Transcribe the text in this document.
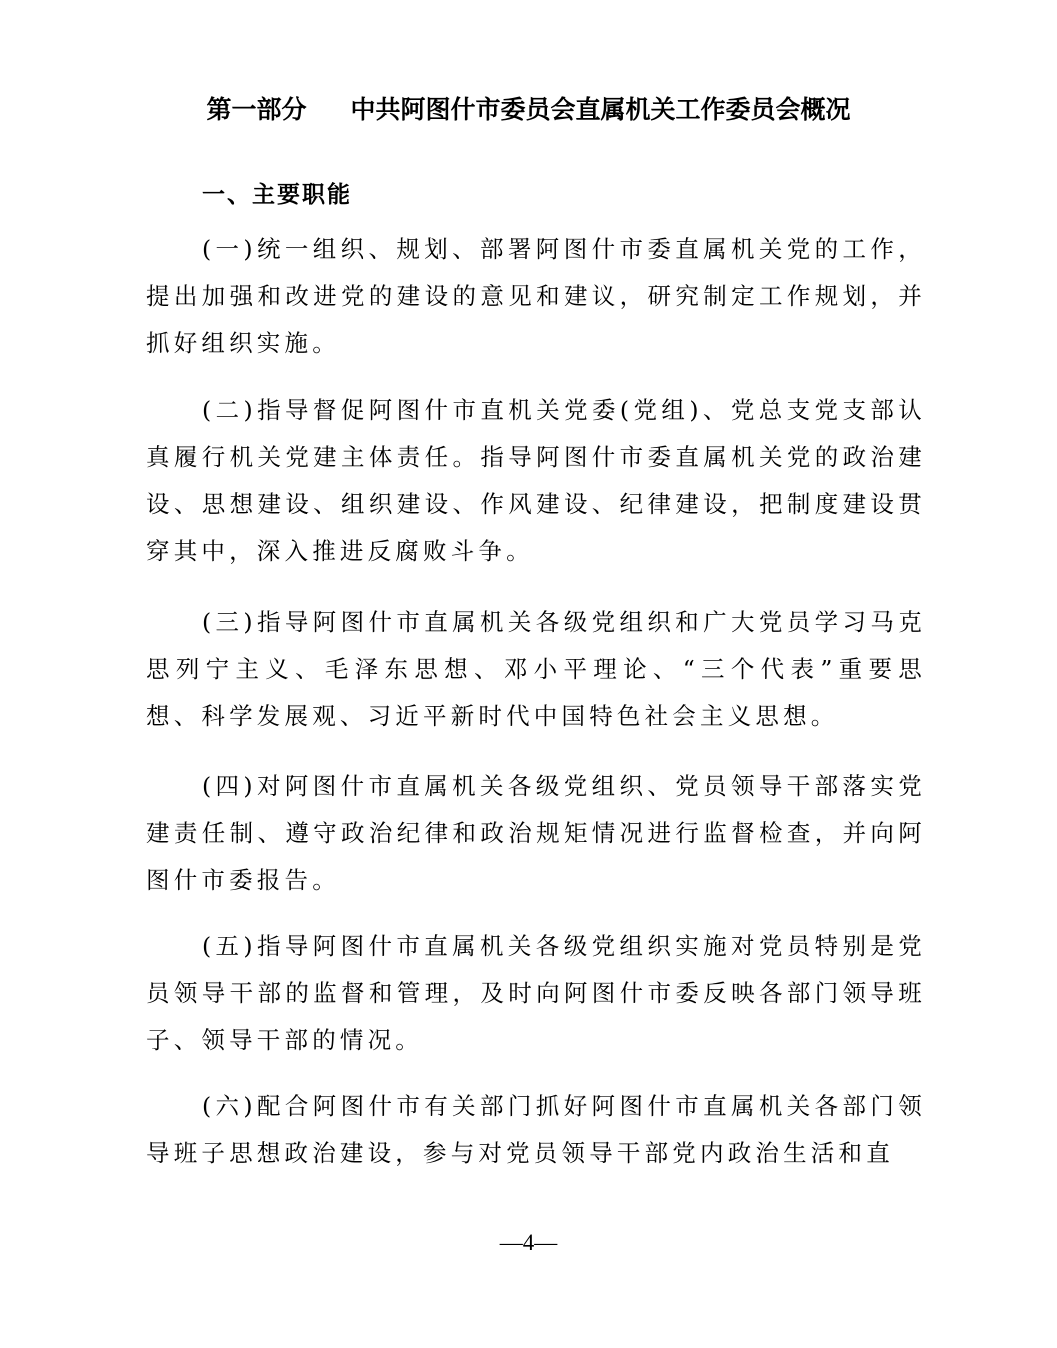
第一部分 中共阿图什市委员会直属机关工作委员会概况
一、主要职能

(一)统一组织、规划、部署阿图什市委直属机关党的工作，提出加强和改进党的建设的意见和建议，研究制定工作规划，并抓好组织实施。

(二)指导督促阿图什市直机关党委(党组)、党总支党支部认真履行机关党建主体责任。指导阿图什市委直属机关党的政治建设、思想建设、组织建设、作风建设、纪律建设，把制度建设贯穿其中，深入推进反腐败斗争。

(三)指导阿图什市直属机关各级党组织和广大党员学习马克思列宁主义、毛泽东思想、邓小平理论、“三个代表”重要思想、科学发展观、习近平新时代中国特色社会主义思想。

(四)对阿图什市直属机关各级党组织、党员领导干部落实党建责任制、遵守政治纪律和政治规矩情况进行监督检查，并向阿图什市委报告。

(五)指导阿图什市直属机关各级党组织实施对党员特别是党员领导干部的监督和管理，及时向阿图什市委反映各部门领导班子、领导干部的情况。

(六)配合阿图什市有关部门抓好阿图什市直属机关各部门领导班子思想政治建设，参与对党员领导干部党内政治生活和直

—4—
